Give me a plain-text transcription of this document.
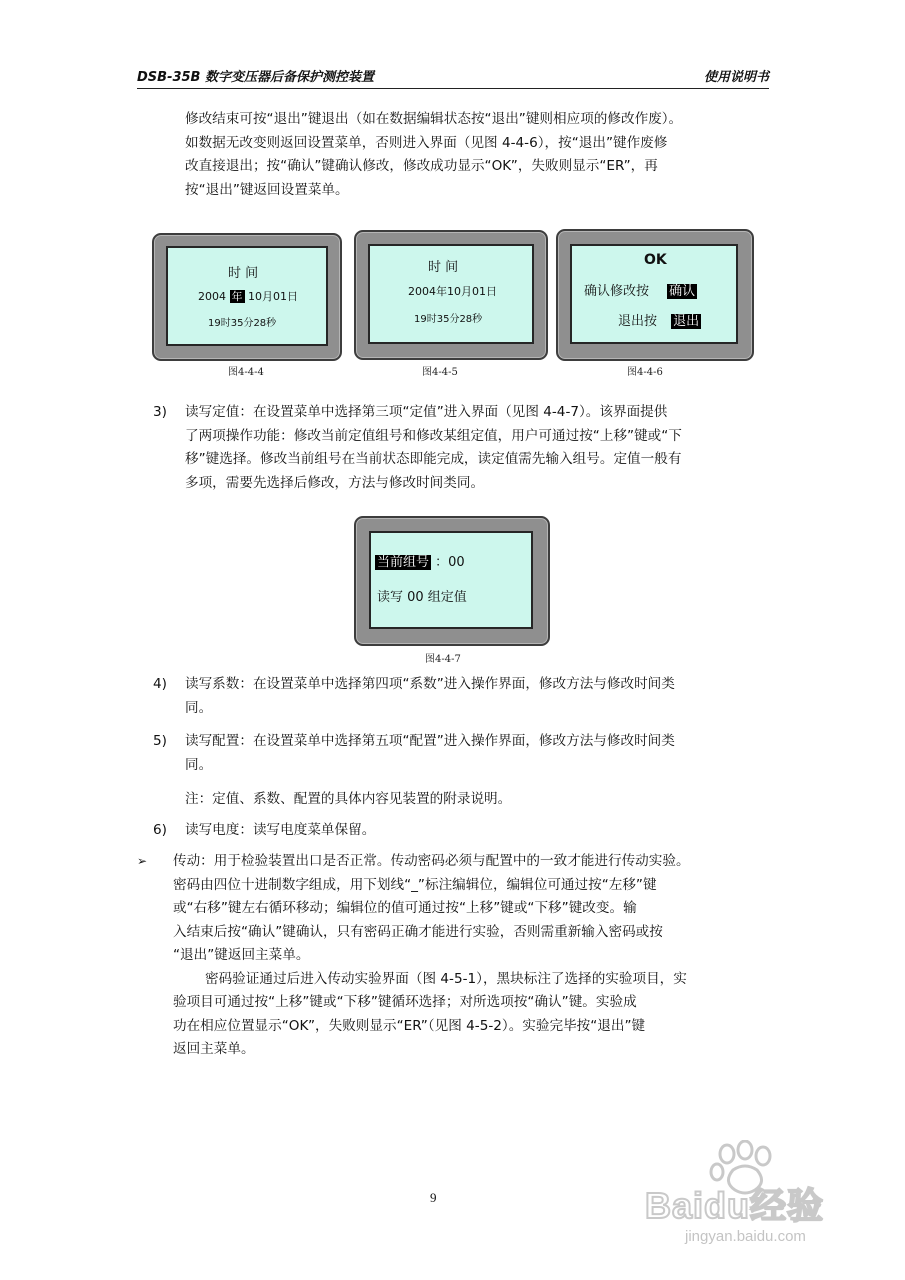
DSB-35B 数字变压器后备保护测控装置	使用说明书
修改结束可按“退出”键退出（如在数据编辑状态按“退出”键则相应项的修改作废）。
如数据无改变则返回设置菜单，否则进入界面（见图 4-4-6），按“退出”键作废修
改直接退出；按“确认”键确认修改，修改成功显示“OK”，失败则显示“ER”，再
按“退出”键返回设置菜单。
时 间
2004 年 10月01日
19时35分28秒
图4-4-4
时 间
2004年10月01日
19时35分28秒
图4-4-5
OK
确认修改按 确认
退出按 退出
图4-4-6
3) 读写定值：在设置菜单中选择第三项“定值”进入界面（见图 4-4-7）。该界面提供
了两项操作功能：修改当前定值组号和修改某组定值，用户可通过按“上移”键或“下
移”键选择。修改当前组号在当前状态即能完成，读定值需先输入组号。定值一般有
多项，需要先选择后修改，方法与修改时间类同。
当前组号 ：00
读写 00 组定值
图4-4-7
4) 读写系数：在设置菜单中选择第四项“系数”进入操作界面，修改方法与修改时间类
同。
5) 读写配置：在设置菜单中选择第五项“配置”进入操作界面，修改方法与修改时间类
同。
注：定值、系数、配置的具体内容见装置的附录说明。
6) 读写电度：读写电度菜单保留。
➢ 传动：用于检验装置出口是否正常。传动密码必须与配置中的一致才能进行传动实验。
密码由四位十进制数字组成，用下划线“_”标注编辑位，编辑位可通过按“左移”键
或“右移”键左右循环移动；编辑位的值可通过按“上移”键或“下移”键改变。输
入结束后按“确认”键确认，只有密码正确才能进行实验，否则需重新输入密码或按
“退出”键返回主菜单。
密码验证通过后进入传动实验界面（图 4-5-1），黑块标注了选择的实验项目，实
验项目可通过按“上移”键或“下移”键循环选择；对所选项按“确认”键。实验成
功在相应位置显示“OK”，失败则显示“ER”（见图 4-5-2）。实验完毕按“退出”键
返回主菜单。
9	Baidu经验
jingyan.baidu.com
